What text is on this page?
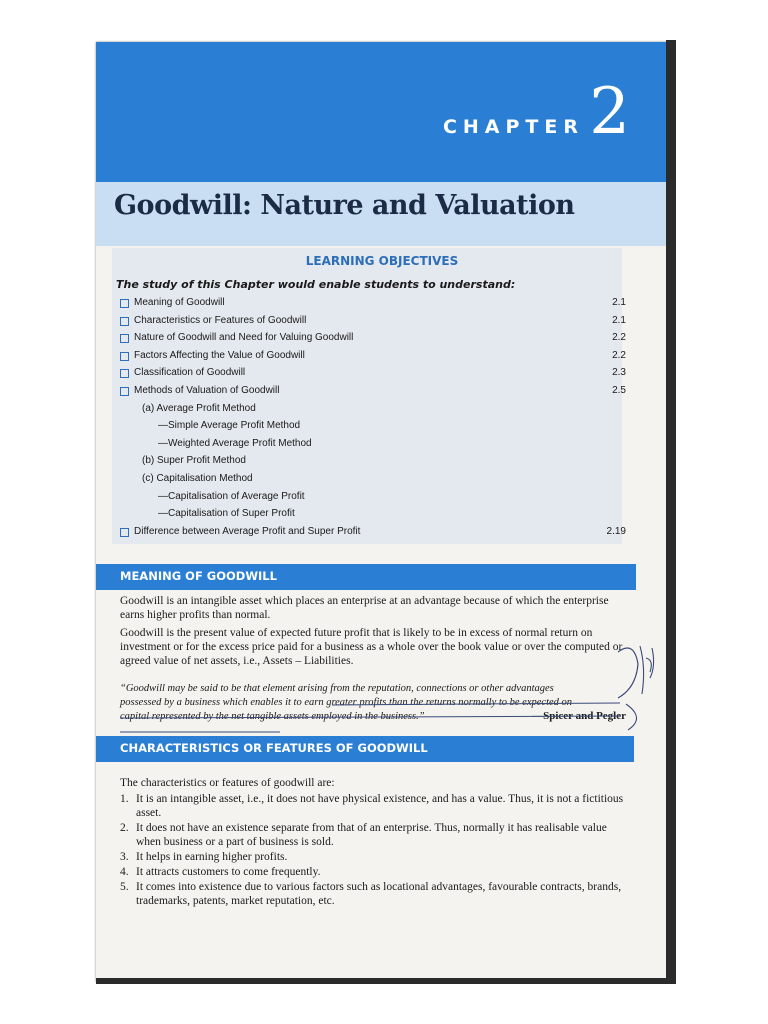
CHAPTER 2
Goodwill: Nature and Valuation
LEARNING OBJECTIVES
The study of this Chapter would enable students to understand:
Meaning of Goodwill	2.1
Characteristics or Features of Goodwill	2.1
Nature of Goodwill and Need for Valuing Goodwill	2.2
Factors Affecting the Value of Goodwill	2.2
Classification of Goodwill	2.3
Methods of Valuation of Goodwill	2.5
(a) Average Profit Method
—Simple Average Profit Method
—Weighted Average Profit Method
(b) Super Profit Method
(c) Capitalisation Method
—Capitalisation of Average Profit
—Capitalisation of Super Profit
Difference between Average Profit and Super Profit	2.19
MEANING OF GOODWILL

Goodwill is an intangible asset which places an enterprise at an advantage because of which the enterprise earns higher profits than normal.

Goodwill is the present value of expected future profit that is likely to be in excess of normal return on investment or for the excess price paid for a business as a whole over the book value or over the computed or agreed value of net assets, i.e., Assets – Liabilities.

“Goodwill may be said to be that element arising from the reputation, connections or other advantages possessed by a business which enables it to earn greater profits than the returns normally to be expected on capital represented by the net tangible assets employed in the business.”	—Spicer and Pegler
CHARACTERISTICS OR FEATURES OF GOODWILL

The characteristics or features of goodwill are:

1. It is an intangible asset, i.e., it does not have physical existence, and has a value. Thus, it is not a fictitious asset.
2. It does not have an existence separate from that of an enterprise. Thus, normally it has realisable value when business or a part of business is sold.
3. It helps in earning higher profits.
4. It attracts customers to come frequently.
5. It comes into existence due to various factors such as locational advantages, favourable contracts, brands, trademarks, patents, market reputation, etc.
